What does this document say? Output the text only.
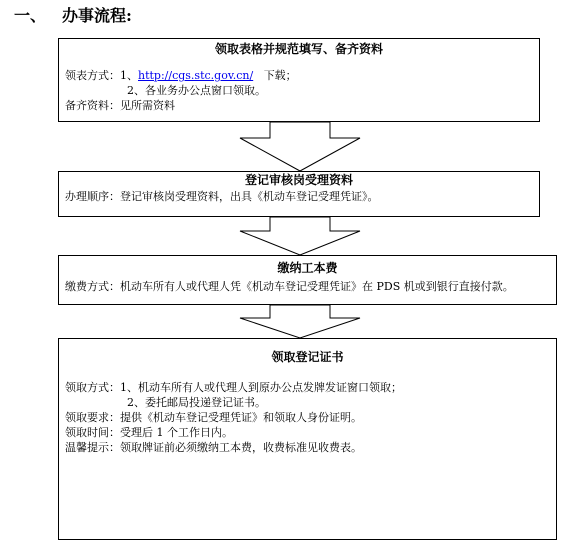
一、 办事流程:
领取表格并规范填写、备齐资料
领表方式：1、http://cgs.stc.gov.cn/ 下载；
2、各业务办公点窗口领取。
备齐资料：见所需资料
登记审核岗受理资料
办理顺序：登记审核岗受理资料，出具《机动车登记受理凭证》。
缴纳工本费
缴费方式：机动车所有人或代理人凭《机动车登记受理凭证》在 PDS 机或到银行直接付款。
领取登记证书
领取方式：1、机动车所有人或代理人到原办公点发牌发证窗口领取；
2、委托邮局投递登记证书。
领取要求：提供《机动车登记受理凭证》和领取人身份证明。
领取时间：受理后 1 个工作日内。
温馨提示：领取牌证前必须缴纳工本费，收费标准见收费表。
